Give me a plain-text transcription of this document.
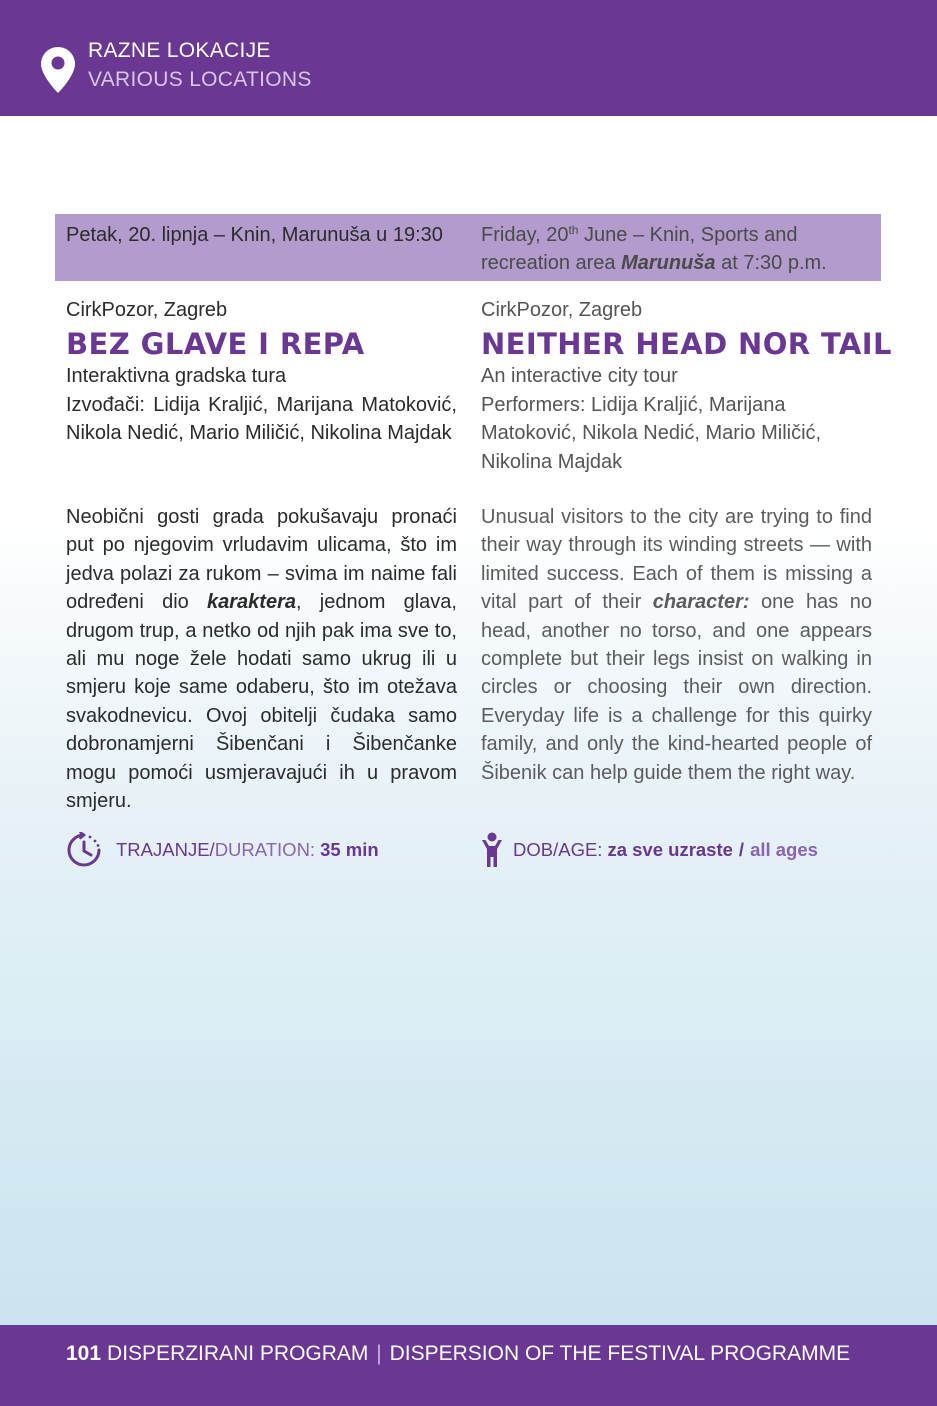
RAZNE LOKACIJE
VARIOUS LOCATIONS
Petak, 20. lipnja – Knin, Marunuša u 19:30 Friday, 20th June – Knin, Sports and recreation area Marunuša at 7:30 p.m.
CirkPozor, Zagreb
BEZ GLAVE I REPA
Interaktivna gradska tura
Izvođači: Lidija Kraljić, Marijana Matoković, Nikola Nedić, Mario Miličić, Nikolina Majdak
Neobični gosti grada pokušavaju pronaći put po njegovim vrludavim ulicama, što im jedva polazi za rukom – svima im naime fali određeni dio karaktera, jednom glava, drugom trup, a netko od njih pak ima sve to, ali mu noge žele hodati samo ukrug ili u smjeru koje same odaberu, što im otežava svakodnevicu. Ovoj obitelji čudaka samo dobronamjerni Šibenčani i Šibenčanke mogu pomoći usmjeravajući ih u pravom smjeru.
CirkPozor, Zagreb
NEITHER HEAD NOR TAIL
An interactive city tour
Performers: Lidija Kraljić, Marijana Matoković, Nikola Nedić, Mario Miličić, Nikolina Majdak
Unusual visitors to the city are trying to find their way through its winding streets — with limited success. Each of them is missing a vital part of their character: one has no head, another no torso, and one appears complete but their legs insist on walking in circles or choosing their own direction. Everyday life is a challenge for this quirky family, and only the kind-hearted people of Šibenik can help guide them the right way.
TRAJANJE/ DURATION: 35 min	DOB/AGE: za sve uzraste / all ages
101 DISPERZIRANI PROGRAM | DISPERSION OF THE FESTIVAL PROGRAMME
